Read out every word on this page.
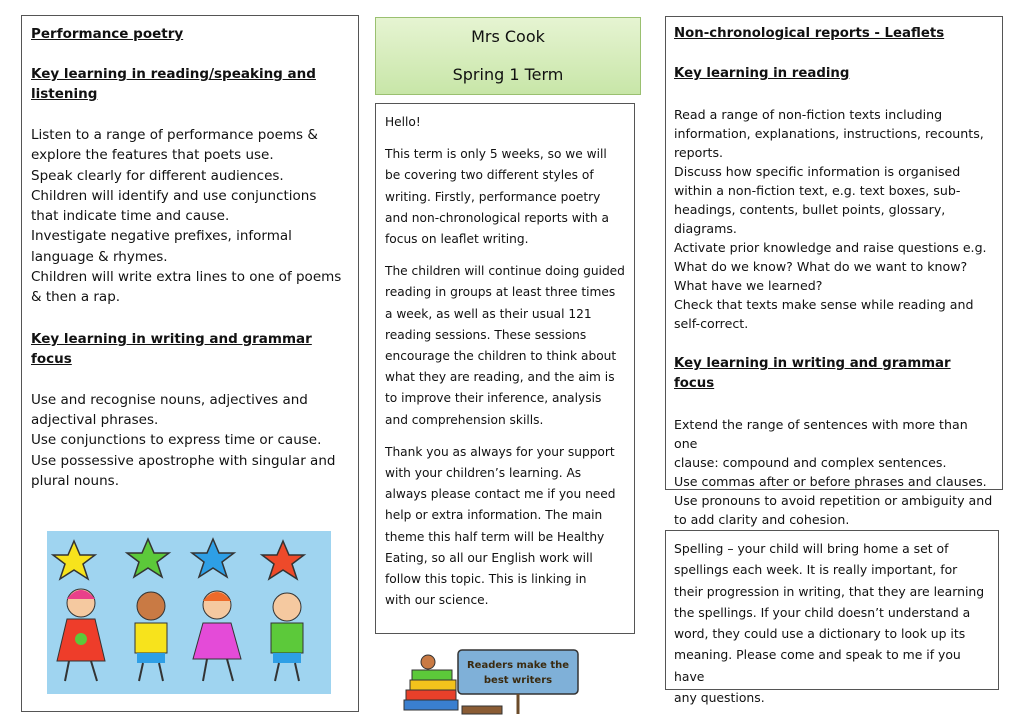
Performance poetry

Key learning in reading/speaking and

listening

Listen to a range of performance poems &
explore the features that poets use.
Speak clearly for different audiences.
Children will identify and use conjunctions
that indicate time and cause.
Investigate negative prefixes, informal
language & rhymes.
Children will write extra lines to one of poems
& then a rap.

Key learning in writing and grammar focus

Use and recognise nouns, adjectives and
adjectival phrases.
Use conjunctions to express time or cause.
Use possessive apostrophe with singular and
plural nouns.
Mrs Cook
Spring 1 Term
Hello!
This term is only 5 weeks, so we will
be covering two different styles of
writing. Firstly, performance poetry
and non-chronological reports with a
focus on leaflet writing.
The children will continue doing guided
reading in groups at least three times
a week, as well as their usual 121
reading sessions. These sessions
encourage the children to think about
what they are reading, and the aim is
to improve their inference, analysis
and comprehension skills.
Thank you as always for your support
with your children’s learning. As
always please contact me if you need
help or extra information. The main
theme this half term will be Healthy
Eating, so all our English work will
follow this topic. This is linking in
with our science.

Non-chronological reports - Leaflets

Key learning in reading

Read a range of non-fiction texts including
information, explanations, instructions, recounts,
reports.
Discuss how specific information is organised
within a non-fiction text, e.g. text boxes, sub-
headings, contents, bullet points, glossary,
diagrams.
Activate prior knowledge and raise questions e.g.
What do we know? What do we want to know?
What have we learned?
Check that texts make sense while reading and
self-correct.

Key learning in writing and grammar focus

Extend the range of sentences with more than one
clause: compound and complex sentences.
Use commas after or before phrases and clauses.
Use pronouns to avoid repetition or ambiguity and
to add clarity and cohesion.
Spelling – your child will bring home a set of
spellings each week. It is really important, for
their progression in writing, that they are learning
the spellings. If your child doesn’t understand a
word, they could use a dictionary to look up its
meaning. Please come and speak to me if you have
any questions.
Readers make the
best writers
